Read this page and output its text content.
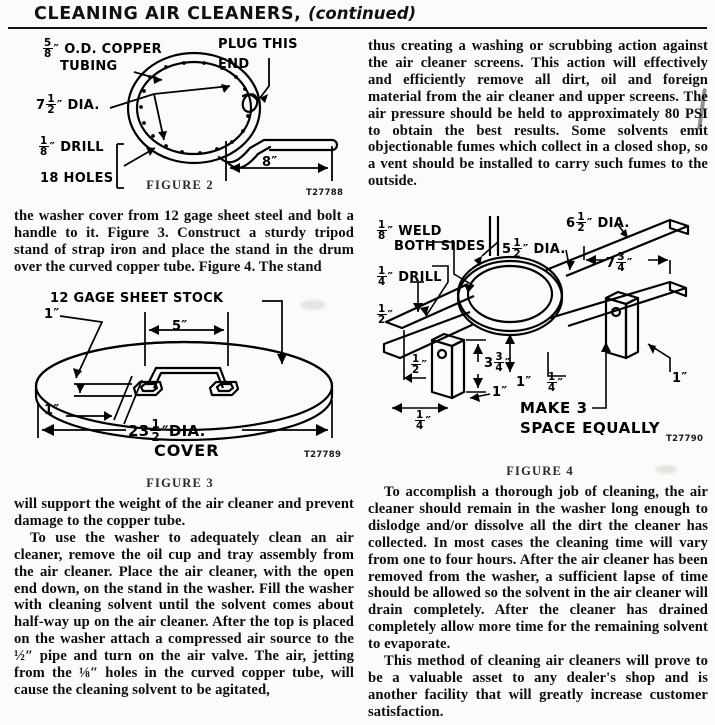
CLEANING AIR CLEANERS, (continued)
$\frac{5}{8}$ ″ O.D. COPPER
TUBING
PLUG THIS
END
$7 \frac{1}{2}$ ″ DIA.
$\frac{1}{8}$ ″ DRILL
18 HOLES
8″
T27788
FIGURE 2

the washer cover from 12 gage sheet steel and bolt a handle to it. Figure 3. Construct a sturdy tripod stand of strap iron and place the stand in the drum over the curved copper tube. Figure 4. The stand

12 GAGE SHEET STOCK
1″
1″
5″
$23 \frac{1}{2} ''DIA$.
COVER	T27789
FIGURE 3

will support the weight of the air cleaner and prevent damage to the copper tube.

To use the washer to adequately clean an air cleaner, remove the oil cup and tray assembly from the air cleaner. Place the air cleaner, with the open end down, on the stand in the washer. Fill the washer with cleaning solvent until the solvent comes about half-way up on the air cleaner. After the top is placed on the washer attach a compressed air source to the ½″ pipe and turn on the air valve. The air, jetting from the ⅛″ holes in the curved copper tube, will cause the cleaning solvent to be agitated,

thus creating a washing or scrubbing action against the air cleaner screens. This action will effectively and efficiently remove all dirt, oil and foreign material from the air cleaner and upper screens. The air pressure should be held to approximately 80 PSI to obtain the best results. Some solvents emit objectionable fumes which collect in a closed shop, so a vent should be installed to carry such fumes to the outside.

$\frac{1}{8}$ ″ WELD
BOTH SIDES
$\frac{1}{4}$ ″ DRILL
$\frac{1}{2}$ ″
$6 \frac{1}{2}$ ″ DIA.
$5 \frac{1}{2}$ ″ DIA.
$7 \frac{3}{4}$ ″
$3 \frac{3}{4}$ ″
$\frac{1}{2}$ ″
$\frac{1}{4}$ ″
1″
1″	1″
$\frac{1}{4}$ ″
MAKE 3
SPACE EQUALLY
T27790
FIGURE 4

To accomplish a thorough job of cleaning, the air cleaner should remain in the washer long enough to dislodge and/or dissolve all the dirt the cleaner has collected. In most cases the cleaning time will vary from one to four hours. After the air cleaner has been removed from the washer, a sufficient lapse of time should be allowed so the solvent in the air cleaner will drain completely. After the cleaner has drained completely allow more time for the remaining solvent to evaporate.

This method of cleaning air cleaners will prove to be a valuable asset to any dealer's shop and is another facility that will greatly increase customer satisfaction.
